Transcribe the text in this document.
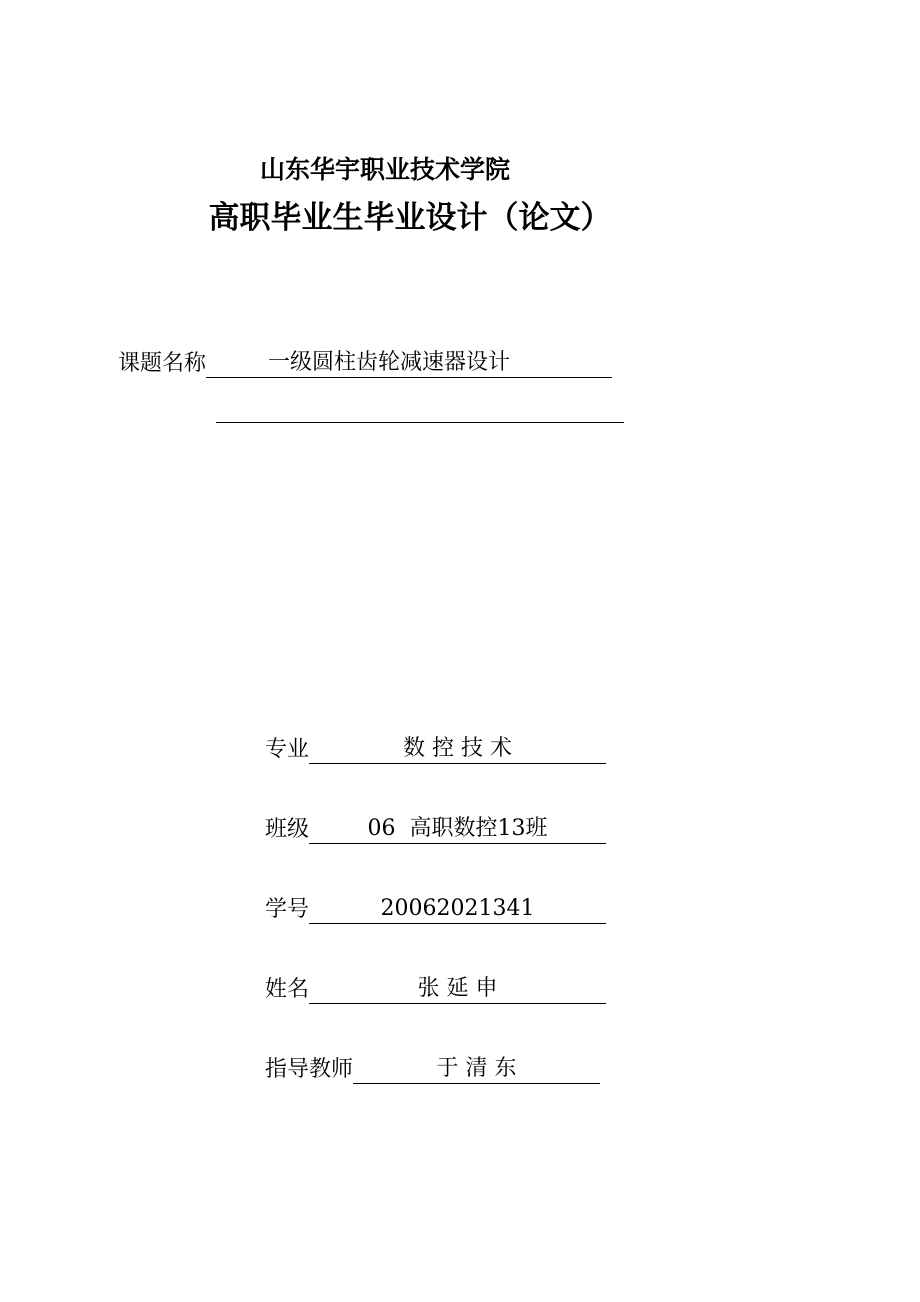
山东华宇职业技术学院
高职毕业生毕业设计（论文）
课题名称	一级圆柱齿轮减速器设计
专业	数 控 技 术
班级	06  高职数控13班
学号	20062021341
姓名	张 延 申
指导教师	于 清 东
